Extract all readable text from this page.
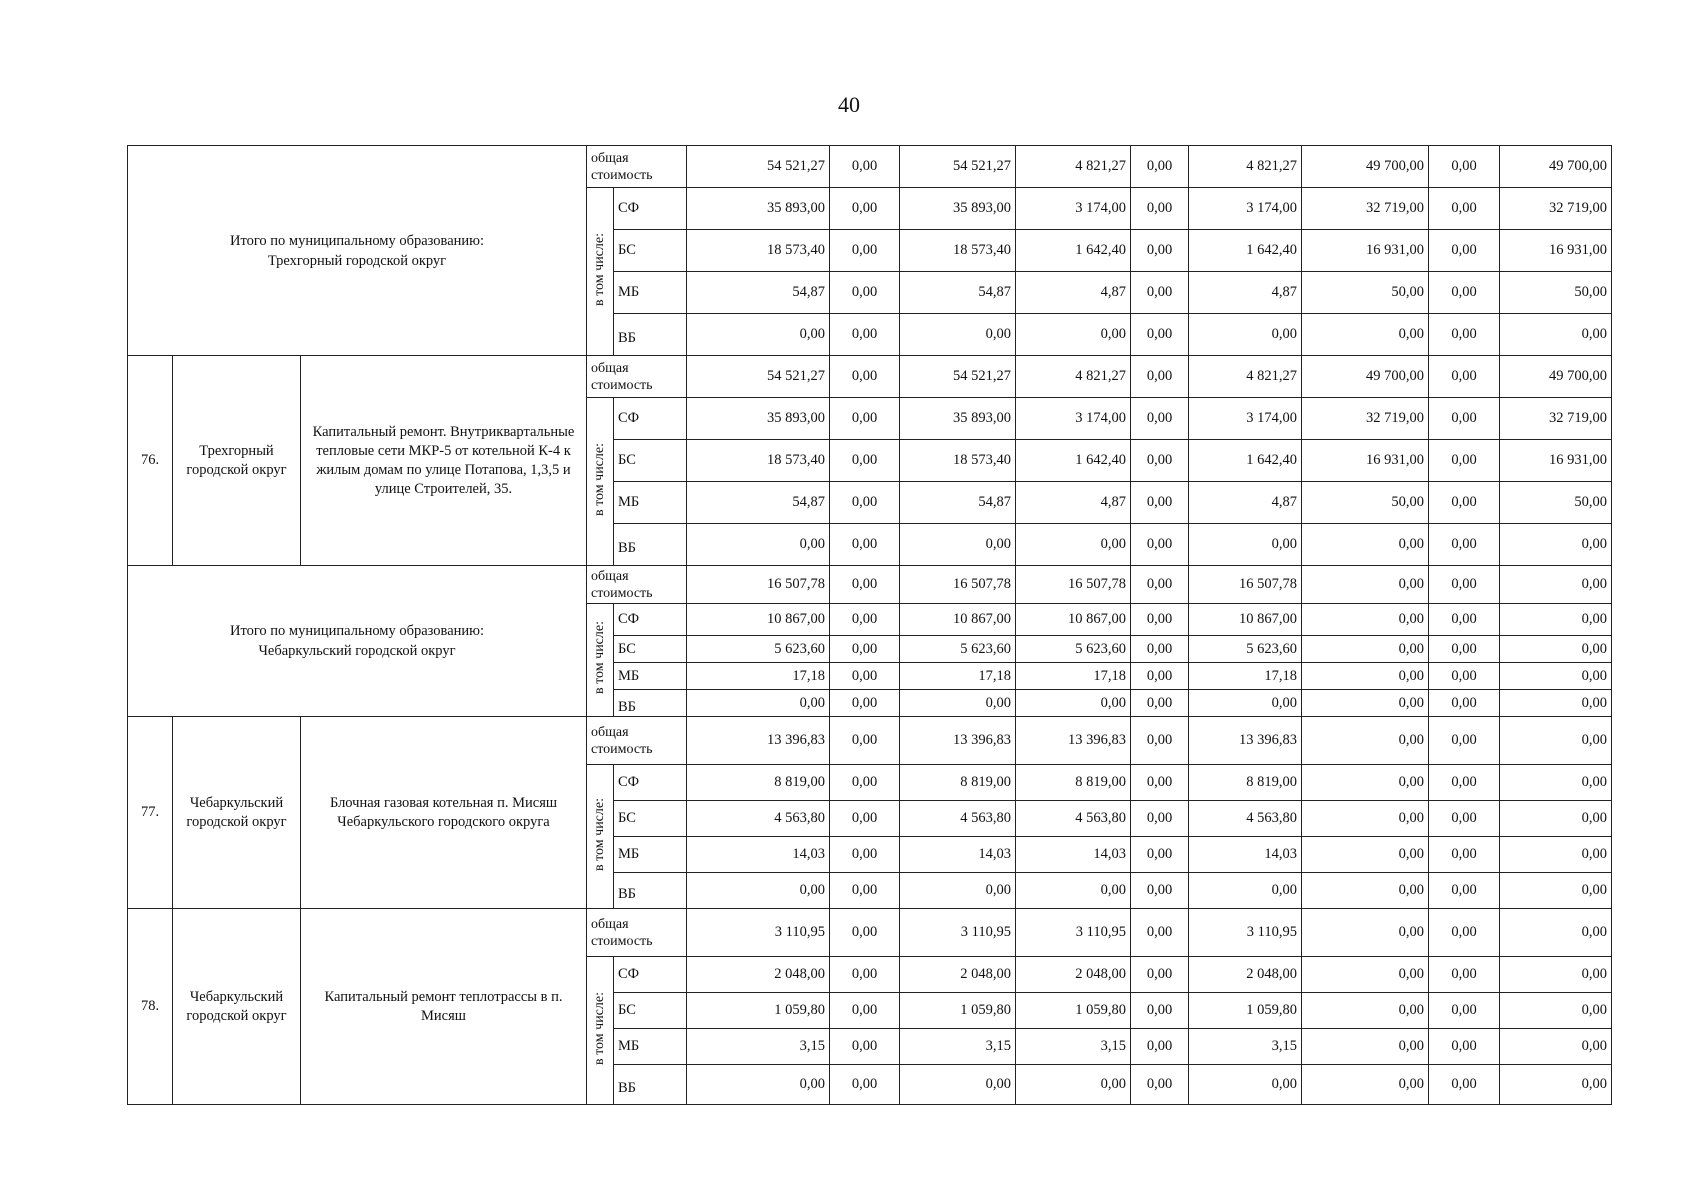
40
Итого по муниципальному образованию:
Трехгорный городской округ			общая стоимость		54 521,27	0,00	54 521,27	4 821,27	0,00	4 821,27	49 700,00	0,00	49 700,00
			в том числе:	СФ	35 893,00	0,00	35 893,00	3 174,00	0,00	3 174,00	32 719,00	0,00	32 719,00
				БС	18 573,40	0,00	18 573,40	1 642,40	0,00	1 642,40	16 931,00	0,00	16 931,00
				МБ	54,87	0,00	54,87	4,87	0,00	4,87	50,00	0,00	50,00
				ВБ	0,00	0,00	0,00	0,00	0,00	0,00	0,00	0,00	0,00
76.	Трехгорный городской округ	Капитальный ремонт. Внутриквартальные тепловые сети МКР-5 от котельной К-4 к жилым домам по улице Потапова, 1,3,5 и улице Строителей, 35.	общая стоимость		54 521,27	0,00	54 521,27	4 821,27	0,00	4 821,27	49 700,00	0,00	49 700,00
			в том числе:	СФ	35 893,00	0,00	35 893,00	3 174,00	0,00	3 174,00	32 719,00	0,00	32 719,00
				БС	18 573,40	0,00	18 573,40	1 642,40	0,00	1 642,40	16 931,00	0,00	16 931,00
				МБ	54,87	0,00	54,87	4,87	0,00	4,87	50,00	0,00	50,00
				ВБ	0,00	0,00	0,00	0,00	0,00	0,00	0,00	0,00	0,00

Итого по муниципальному образованию:
Чебаркульский городской округ			общая стоимость		16 507,78	0,00	16 507,78	16 507,78	0,00	16 507,78	0,00	0,00	0,00
			в том числе:	СФ	10 867,00	0,00	10 867,00	10 867,00	0,00	10 867,00	0,00	0,00	0,00
				БС	5 623,60	0,00	5 623,60	5 623,60	0,00	5 623,60	0,00	0,00	0,00
				МБ	17,18	0,00	17,18	17,18	0,00	17,18	0,00	0,00	0,00
				ВБ	0,00	0,00	0,00	0,00	0,00	0,00	0,00	0,00	0,00
77.	Чебаркульский городской округ	Блочная газовая котельная п. Мисяш Чебаркульского городского округа	общая стоимость		13 396,83	0,00	13 396,83	13 396,83	0,00	13 396,83	0,00	0,00	0,00
			в том числе:	СФ	8 819,00	0,00	8 819,00	8 819,00	0,00	8 819,00	0,00	0,00	0,00
				БС	4 563,80	0,00	4 563,80	4 563,80	0,00	4 563,80	0,00	0,00	0,00
				МБ	14,03	0,00	14,03	14,03	0,00	14,03	0,00	0,00	0,00
				ВБ	0,00	0,00	0,00	0,00	0,00	0,00	0,00	0,00	0,00
78.	Чебаркульский городской округ	Капитальный ремонт теплотрассы в п. Мисяш	общая стоимость		3 110,95	0,00	3 110,95	3 110,95	0,00	3 110,95	0,00	0,00	0,00
			в том числе:	СФ	2 048,00	0,00	2 048,00	2 048,00	0,00	2 048,00	0,00	0,00	0,00
				БС	1 059,80	0,00	1 059,80	1 059,80	0,00	1 059,80	0,00	0,00	0,00
				МБ	3,15	0,00	3,15	3,15	0,00	3,15	0,00	0,00	0,00
				ВБ	0,00	0,00	0,00	0,00	0,00	0,00	0,00	0,00	0,00
